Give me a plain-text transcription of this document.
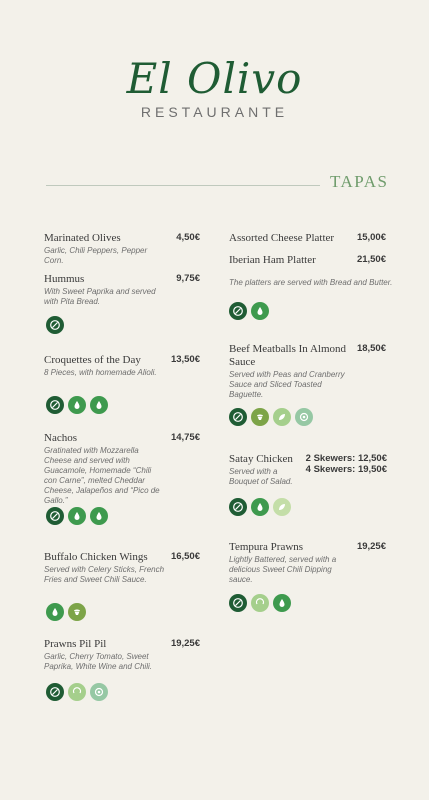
El Olivo
RESTAURANTE
TAPAS
Marinated Olives
Garlic, Chili Peppers, Pepper Corn.
4,50€
Hummus
With Sweet Paprika and served with Pita Bread.
9,75€
Croquettes of the Day
8 Pieces, with homemade Alioli.
13,50€
Nachos
Gratinated with Mozzarella Cheese and served with Guacamole, Homemade “Chili con Carne”, melted Cheddar Cheese, Jalapeños and “Pico de Gallo.”
14,75€
Buffalo Chicken Wings
Served with Celery Sticks, French Fries and Sweet Chili Sauce.
16,50€
Prawns Pil Pil
Garlic, Cherry Tomato, Sweet Paprika, White Wine and Chili.
19,25€
Assorted Cheese Platter	15,00€
Iberian Ham Platter	21,50€
The platters are served with Bread and Butter.
Beef Meatballs In Almond Sauce
Served with Peas and Cranberry Sauce and Sliced Toasted Baguette.
18,50€
Satay Chicken
Served with a Bouquet of Salad.
2 Skewers: 12,50€
4 Skewers: 19,50€
Tempura Prawns
Lightly Battered, served with a delicious Sweet Chili Dipping sauce.
19,25€
